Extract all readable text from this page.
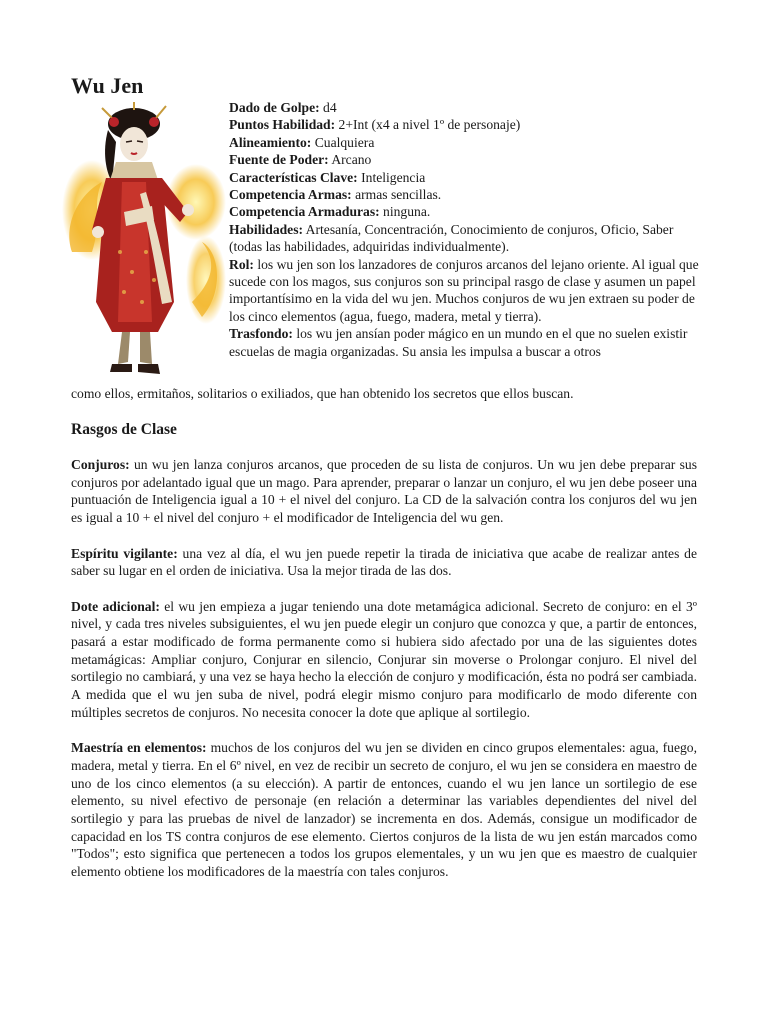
Wu Jen

Dado de Golpe: d4

Puntos Habilidad: 2+Int (x4 a nivel 1º de personaje)

Alineamiento: Cualquiera

Fuente de Poder: Arcano

Características Clave: Inteligencia

Competencia Armas: armas sencillas.

Competencia Armaduras: ninguna.

Habilidades: Artesanía, Concentración, Conocimiento de conjuros, Oficio, Saber (todas las habilidades, adquiridas individualmente).

Rol: los wu jen son los lanzadores de conjuros arcanos del lejano oriente. Al igual que sucede con los magos, sus conjuros son su principal rasgo de clase y asumen un papel importantísimo en la vida del wu jen. Muchos conjuros de wu jen extraen su poder de los cinco elementos (agua, fuego, madera, metal y tierra).

Trasfondo: los wu jen ansían poder mágico en un mundo en el que no suelen existir escuelas de magia organizadas. Su ansia les impulsa a buscar a otros

como ellos, ermitaños, solitarios o exiliados, que han obtenido los secretos que ellos buscan.
Rasgos de Clase

Conjuros: un wu jen lanza conjuros arcanos, que proceden de su lista de conjuros. Un wu jen debe preparar sus conjuros por adelantado igual que un mago. Para aprender, preparar o lanzar un conjuro, el wu jen debe poseer una puntuación de Inteligencia igual a 10 + el nivel del conjuro. La CD de la salvación contra los conjuros del wu jen es igual a 10 + el nivel del conjuro + el modificador de Inteligencia del wu gen.

Espíritu vigilante: una vez al día, el wu jen puede repetir la tirada de iniciativa que acabe de realizar antes de saber su lugar en el orden de iniciativa. Usa la mejor tirada de las dos.

Dote adicional: el wu jen empieza a jugar teniendo una dote metamágica adicional. Secreto de conjuro: en el 3º nivel, y cada tres niveles subsiguientes, el wu jen puede elegir un conjuro que conozca y que, a partir de entonces, pasará a estar modificado de forma permanente como si hubiera sido afectado por una de las siguientes dotes metamágicas: Ampliar conjuro, Conjurar en silencio, Conjurar sin moverse o Prolongar conjuro. El nivel del sortilegio no cambiará, y una vez se haya hecho la elección de conjuro y modificación, ésta no podrá ser cambiada. A medida que el wu jen suba de nivel, podrá elegir mismo conjuro para modificarlo de modo diferente con múltiples secretos de conjuros. No necesita conocer la dote que aplique al sortilegio.

Maestría en elementos: muchos de los conjuros del wu jen se dividen en cinco grupos elementales: agua, fuego, madera, metal y tierra. En el 6º nivel, en vez de recibir un secreto de conjuro, el wu jen se considera en maestro de uno de los cinco elementos (a su elección). A partir de entonces, cuando el wu jen lance un sortilegio de ese elemento, su nivel efectivo de personaje (en relación a determinar las variables dependientes del nivel del sortilegio y para las pruebas de nivel de lanzador) se incrementa en dos. Además, consigue un modificador de capacidad en los TS contra conjuros de ese elemento. Ciertos conjuros de la lista de wu jen están marcados como "Todos"; esto significa que pertenecen a todos los grupos elementales, y un wu jen que es maestro de cualquier elemento obtiene los modificadores de la maestría con tales conjuros.
